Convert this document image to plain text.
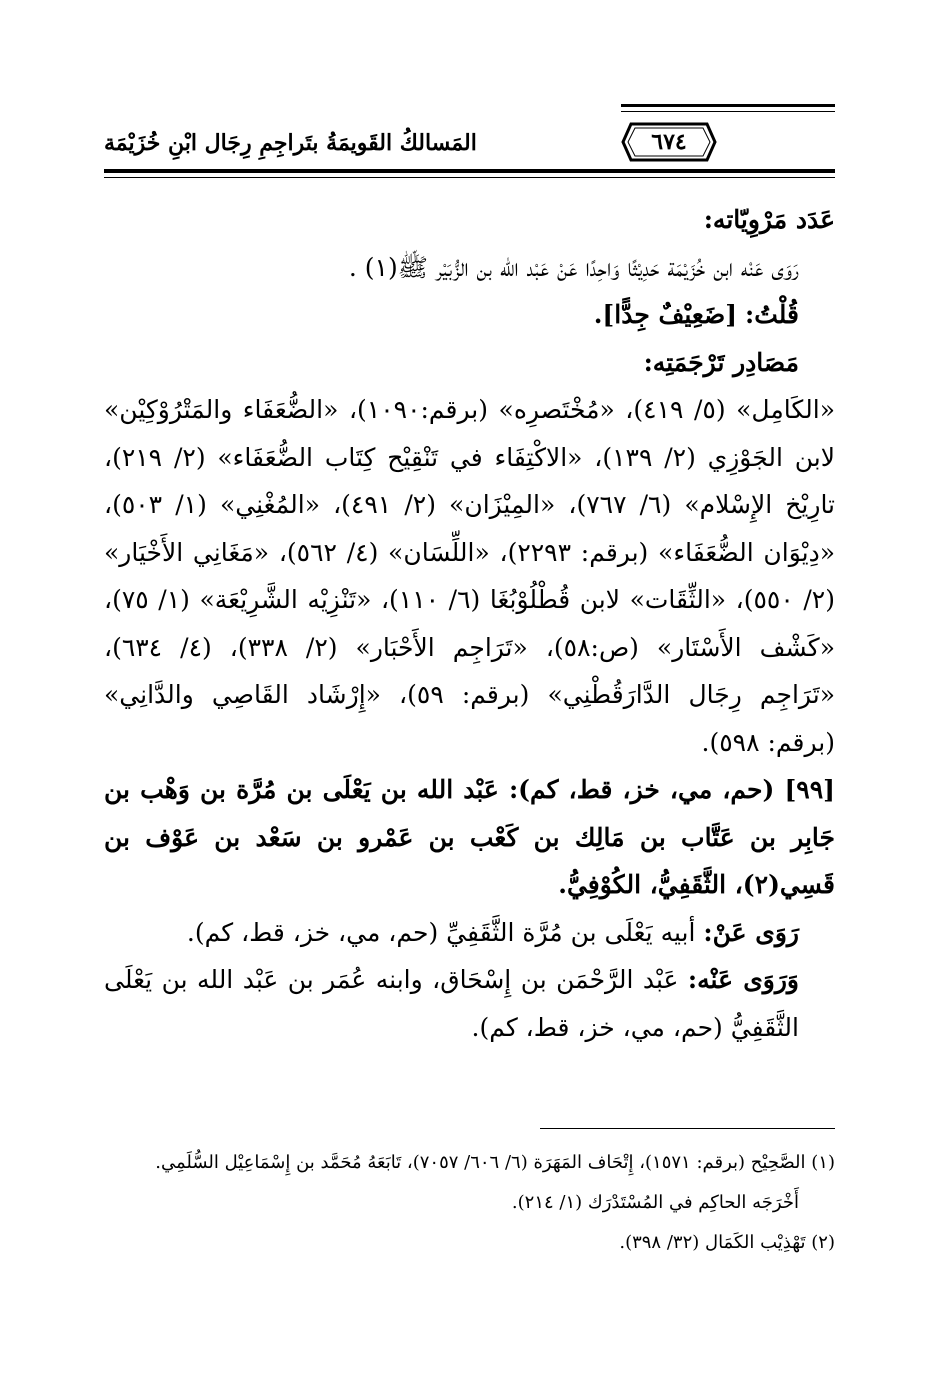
٦٧٤
المَسالكُ القَويمَةُ بتَراجِمِ رِجَال ابْنِ خُزَيْمَة

عَدَد مَرْوِيّاته:

رَوَى عَنْه ابن خُزَيْمَة حَدِيْثًا وَاحِدًا عَنْ عَبْد الله بن الزُّبَيْر ﷺ(١) .

قُلْتُ: [ضَعِيْفٌ جِدًّا].

مَصَادِر تَرْجَمَتِه:

«الكَامِل» (٥/ ٤١٩)، «مُخْتَصرِه» (برقم:١٠٩٠)، «الضُّعَفَاء والمَتْرُوْكِيْن» لابن الجَوْزِي (٢/ ١٣٩)، «الاكْتِفَاء في تَنْقِيْح كِتَاب الضُّعَفَاء» (٢/ ٢١٩)، تارِيْخ الإِسْلام» (٦/ ٧٦٧)، «المِيْزَان» (٢/ ٤٩١)، «المُغْنِي» (١/ ٥٠٣)، «دِيْوَان الضُّعَفَاء» (برقم: ٢٢٩٣)، «اللِّسَان» (٤/ ٥٦٢)، «مَغَانِي الأَخْيَار» (٢/ ٥٥٠)، «الثِّقَات» لابن قُطْلُوْبُغَا (٦/ ١١٠)، «تَنْزِيْه الشَّرِيْعَة» (١/ ٧٥)، «كَشْف الأَسْتَار» (ص:٥٨)، «تَرَاجِم الأَحْبَار» (٢/ ٣٣٨)، (٤/ ٦٣٤)، «تَرَاجِم رِجَال الدَّارَقُطْنِي» (برقم: ٥٩)، «إِرْشَاد القَاصِي والدَّانِي» (برقم: ٥٩٨).

[٩٩] (حم، مي، خز، قط، كم): عَبْد الله بن يَعْلَى بن مُرَّة بن وَهْب بن جَابِر بن عَتَّاب بن مَالِك بن كَعْب بن عَمْرو بن سَعْد بن عَوْف بن قَسِي(٢)، الثَّقَفِيُّ، الكُوْفِيُّ.

رَوَى عَنْ: أبيه يَعْلَى بن مُرَّة الثَّقَفِيِّ (حم، مي، خز، قط، كم).

وَرَوَى عَنْه: عَبْد الرَّحْمَن بن إِسْحَاق، وابنه عُمَر بن عَبْد الله بن يَعْلَى الثَّقَفِيُّ (حم، مي، خز، قط، كم).

(١) الصَّحِيْح (برقم: ١٥٧١)، إِتْحَاف المَهَرَة (٦/ ٦٠٦/ ٧٠٥٧)، تَابَعَهُ مُحَمَّد بن إِسْمَاعِيْل السُّلَمِي.

أَخْرَجَه الحاكِم في المُسْتَدْرَك (١/ ٢١٤).

(٢) تَهْذِيْب الكَمَال (٣٢/ ٣٩٨).
